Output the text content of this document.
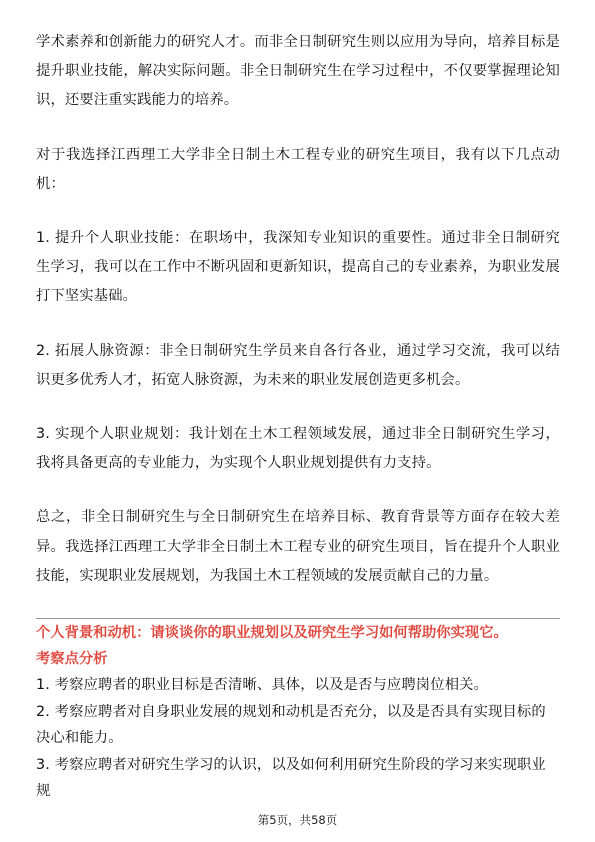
学术素养和创新能力的研究人才。而非全日制研究生则以应用为导向，培养目标是提升职业技能，解决实际问题。非全日制研究生在学习过程中，不仅要掌握理论知识，还要注重实践能力的培养。

对于我选择江西理工大学非全日制土木工程专业的研究生项目，我有以下几点动机：

1. 提升个人职业技能：在职场中，我深知专业知识的重要性。通过非全日制研究生学习，我可以在工作中不断巩固和更新知识，提高自己的专业素养，为职业发展打下坚实基础。

2. 拓展人脉资源：非全日制研究生学员来自各行各业，通过学习交流，我可以结识更多优秀人才，拓宽人脉资源，为未来的职业发展创造更多机会。

3. 实现个人职业规划：我计划在土木工程领域发展，通过非全日制研究生学习，我将具备更高的专业能力，为实现个人职业规划提供有力支持。

总之，非全日制研究生与全日制研究生在培养目标、教育背景等方面存在较大差异。我选择江西理工大学非全日制土木工程专业的研究生项目，旨在提升个人职业技能，实现职业发展规划，为我国土木工程领域的发展贡献自己的力量。

个人背景和动机：请谈谈你的职业规划以及研究生学习如何帮助你实现它。

考察点分析

1. 考察应聘者的职业目标是否清晰、具体，以及是否与应聘岗位相关。

2. 考察应聘者对自身职业发展的规划和动机是否充分，以及是否具有实现目标的决心和能力。

3. 考察应聘者对研究生学习的认识，以及如何利用研究生阶段的学习来实现职业规

第5页，共58页
